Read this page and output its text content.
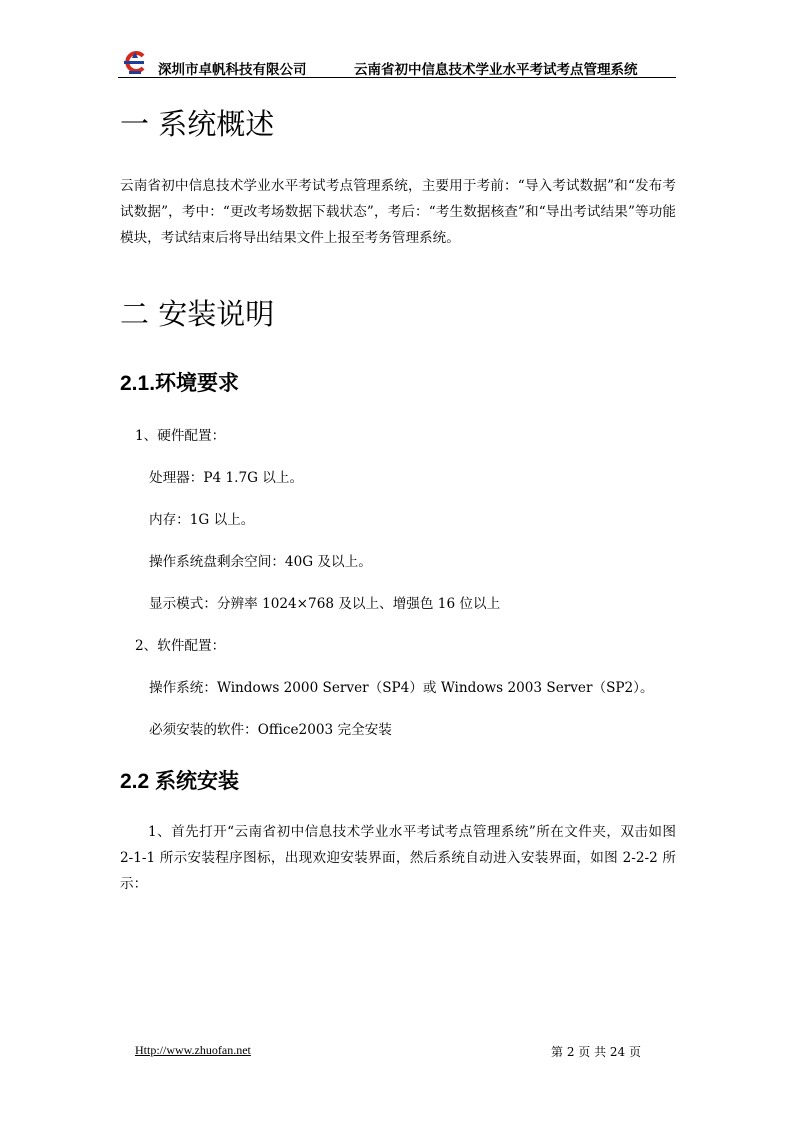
深圳市卓帆科技有限公司	云南省初中信息技术学业水平考试考点管理系统
一 系统概述

云南省初中信息技术学业水平考试考点管理系统，主要用于考前：“导入考试数据”和“发布考试数据”，考中：“更改考场数据下载状态”，考后：“考生数据核查”和“导出考试结果”等功能模块，考试结束后将导出结果文件上报至考务管理系统。

二 安装说明
2.1.环境要求
1、硬件配置：
处理器：P4 1.7G 以上。
内存：1G 以上。
操作系统盘剩余空间：40G 及以上。
显示模式：分辨率 1024×768 及以上、增强色 16 位以上
2、软件配置：
操作系统：Windows 2000 Server（SP4）或 Windows 2003 Server（SP2）。
必须安装的软件：Office2003 完全安装
2.2 系统安装

1、首先打开“云南省初中信息技术学业水平考试考点管理系统”所在文件夹，双击如图 2-1-1 所示安装程序图标，出现欢迎安装界面，然后系统自动进入安装界面，如图 2-2-2 所示：

Http://www.zhuofan.net	第 2 页 共 24 页
